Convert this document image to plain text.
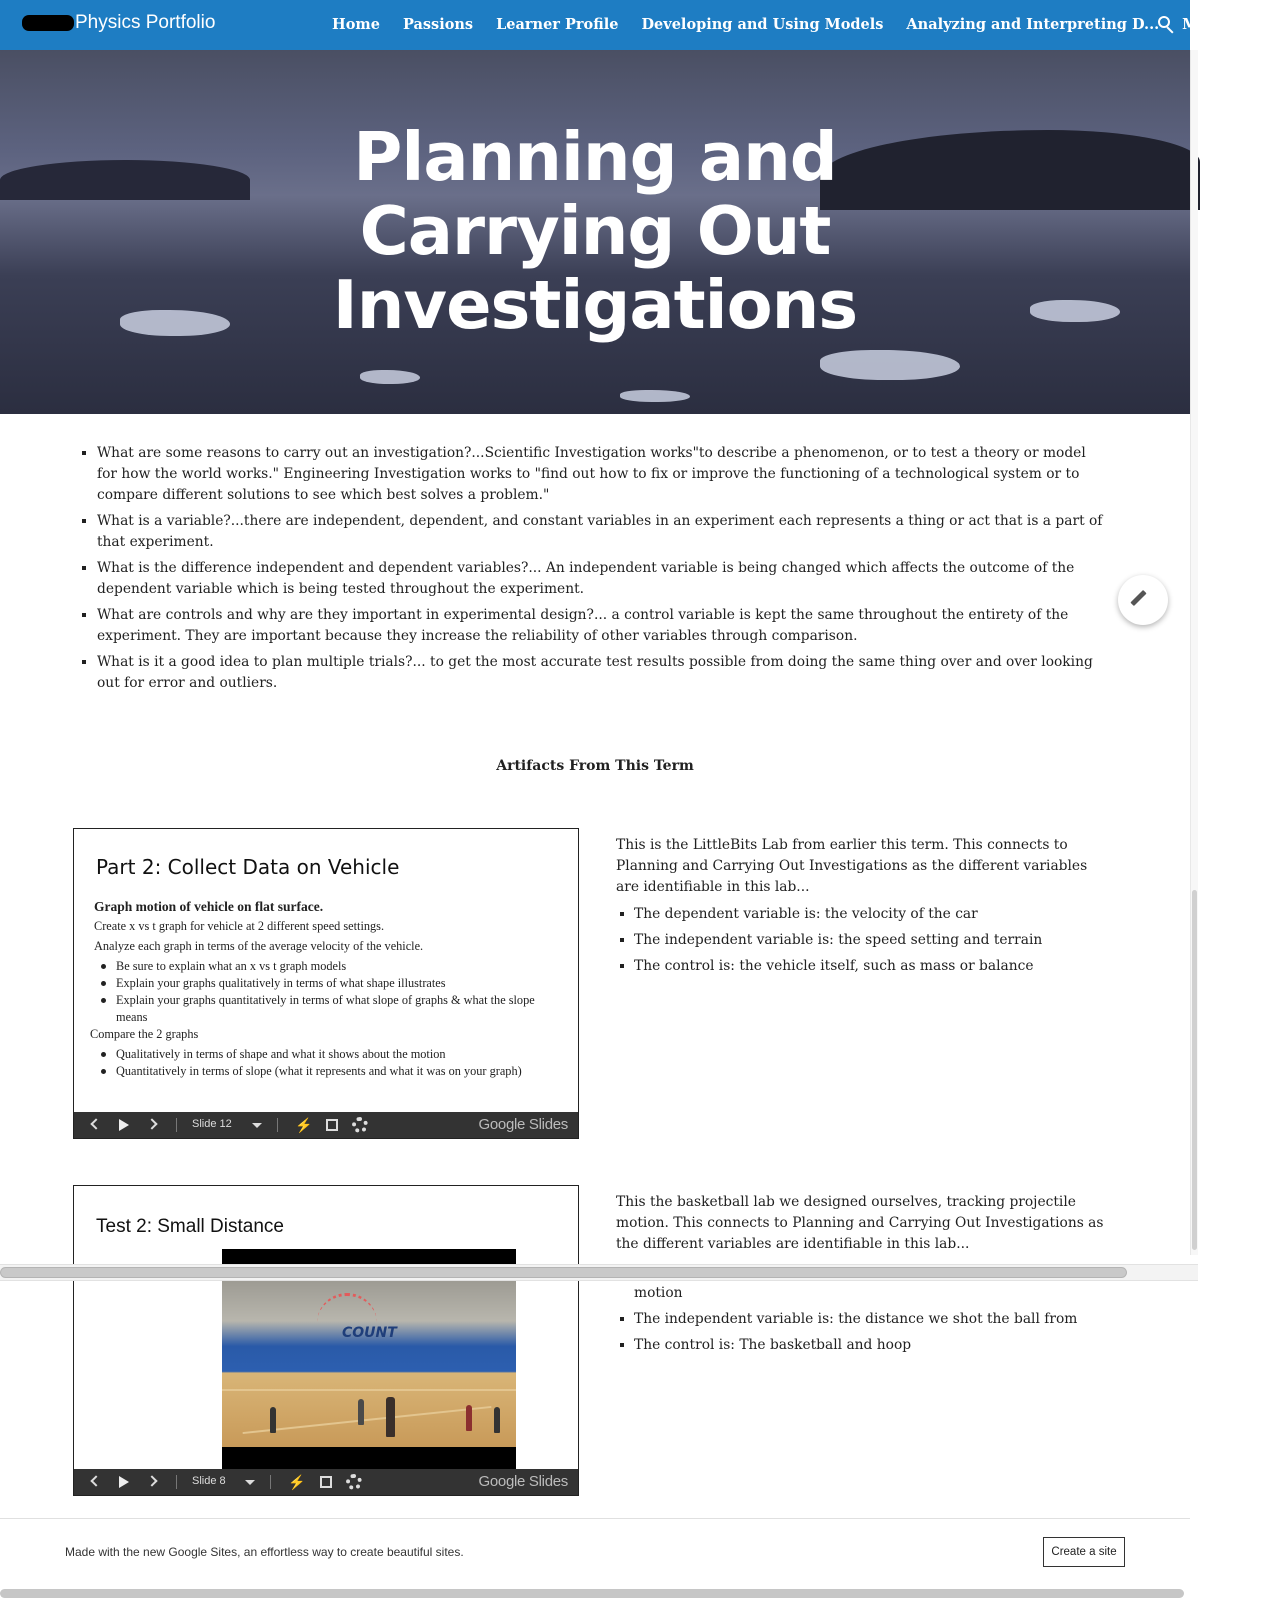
Physics Portfolio	Home Passions Learner Profile Developing and Using Models Analyzing and Interpreting D... More
Planning and
Carrying Out
Investigations
What are some reasons to carry out an investigation?...Scientific Investigation works"to describe a phenomenon, or to test a theory or model for how the world works." Engineering Investigation works to "find out how to fix or improve the functioning of a technological system or to compare different solutions to see which best solves a problem."
What is a variable?...there are independent, dependent, and constant variables in an experiment each represents a thing or act that is a part of that experiment.
What is the difference independent and dependent variables?... An independent variable is being changed which affects the outcome of the dependent variable which is being tested throughout the experiment.
What are controls and why are they important in experimental design?... a control variable is kept the same throughout the entirety of the experiment. They are important because they increase the reliability of other variables through comparison.
What is it a good idea to plan multiple trials?... to get the most accurate test results possible from doing the same thing over and over looking out for error and outliers.
Artifacts From This Term
Part 2: Collect Data on Vehicle
Graph motion of vehicle on flat surface.
Create x vs t graph for vehicle at 2 different speed settings.
Analyze each graph in terms of the average velocity of the vehicle.
Be sure to explain what an x vs t graph models
Explain your graphs qualitatively in terms of what shape illustrates
Explain your graphs quantitatively in terms of what slope of graphs & what the slope means
Compare the 2 graphs
Qualitatively in terms of shape and what it shows about the motion
Quantitatively in terms of slope (what it represents and what it was on your graph)
Slide 12	⚡	Google Slides

This is the LittleBits Lab from earlier this term. This connects to Planning and Carrying Out Investigations as the different variables are identifiable in this lab...

The dependent variable is: the velocity of the car
The independent variable is: the speed setting and terrain
The control is: the vehicle itself, such as mass or balance
Test 2: Small Distance
COUNT
Slide 8	⚡	Google Slides

This the basketball lab we designed ourselves, tracking projectile motion. This connects to Planning and Carrying Out Investigations as the different variables are identifiable in this lab...

motion

The independent variable is: the distance we shot the ball from
The control is: The basketball and hoop
Made with the new Google Sites, an effortless way to create beautiful sites.	Create a site
